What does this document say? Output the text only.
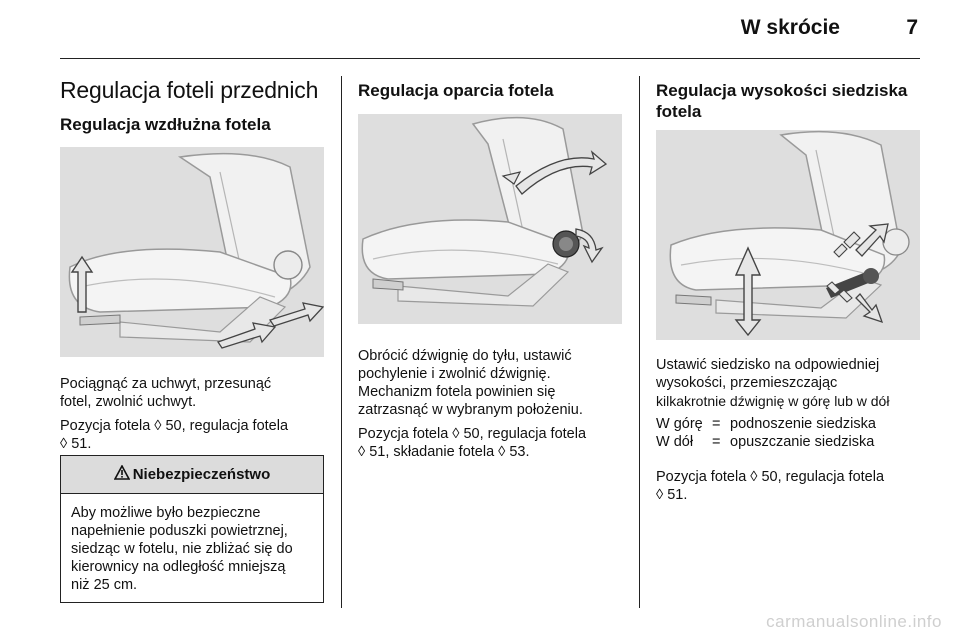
W skrócie	7
Regulacja foteli przednich
Regulacja wzdłużna fotela

Pociągnąć za uchwyt, przesunąć

fotel, zwolnić uchwyt.

Pozycja fotela ◊ 50, regulacja fotela

◊ 51.

Niebezpieczeństwo
Aby możliwe było bezpieczne
napełnienie poduszki powietrznej,
siedząc w fotelu, nie zbliżać się do
kierownicy na odległość mniejszą
niż 25 cm.
Regulacja oparcia fotela

Obrócić dźwignię do tyłu, ustawić

pochylenie i zwolnić dźwignię.

Mechanizm fotela powinien się

zatrzasnąć w wybranym położeniu.

Pozycja fotela ◊ 50, regulacja fotela

◊ 51, składanie fotela ◊ 53.

Regulacja wysokości siedziska
fotela

Ustawić siedzisko na odpowiedniej

wysokości, przemieszczając

kilkakrotnie dźwignię w górę lub w dół

W górę = podnoszenie siedziska
W dół	= opuszczanie siedziska

Pozycja fotela ◊ 50, regulacja fotela

◊ 51.

carmanualsonline.info
